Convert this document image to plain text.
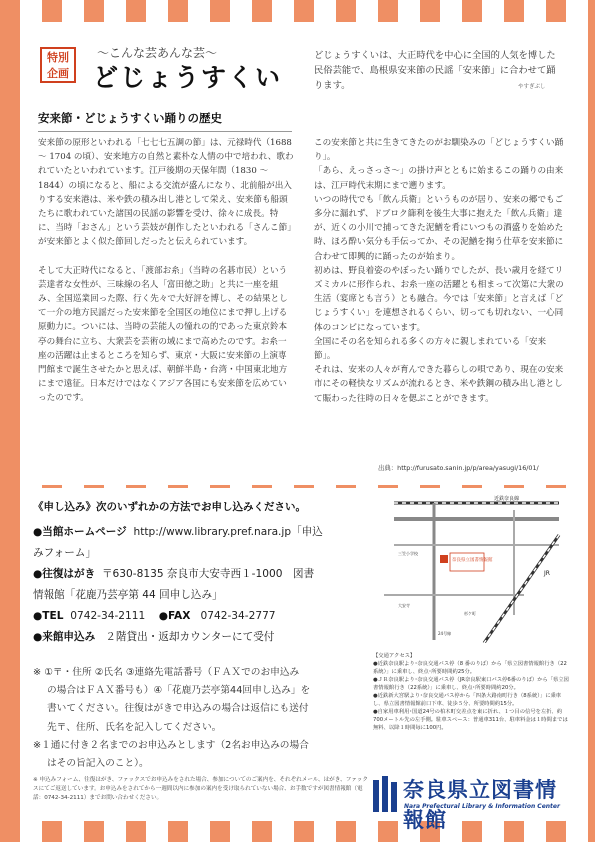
特別
企画
〜こんな芸あんな芸〜
どじょうすくい
どじょうすくいは、大正時代を中心に全国的人気を博した民俗芸能で、島根県安来節の民謡「安来節」に合わせて踊ります。	やすぎぶし
安来節・どじょうすくい踊りの歴史

安来節の原形といわれる「七七七五調の節」は、元禄時代（1688 〜 1704 の頃）、安来地方の自然と素朴な人情の中で培われ、歌われていたといわれています。江戸後期の天保年間（1830 〜 1844）の頃になると、船による交流が盛んになり、北前船が出入りする安来港は、米や鉄の積み出し港として栄え、安来節も船頭たちに歌われていた諸国の民謡の影響を受け、徐々に成長。特に、当時「おさん」という芸妓が創作したといわれる「さんこ節」が安来節とよく似た節回しだったと伝えられています。

そして大正時代になると、「渡部お糸」（当時の名碁市民）という芸達者な女性が、三味線の名人「富田徳之助」と共に一座を組み、全国巡業回った際、行く先々で大好評を博し、その結果として一介の地方民謡だった安来節を全国区の地位にまで押し上げる原動力に。ついには、当時の芸能人の憧れの的であった東京鈴本亭の舞台に立ち、大衆芸を芸術の域にまで高めたのです。お糸一座の活躍は止まるところを知らず、東京・大阪に安来節の上演専門館まで誕生させたかと思えば、朝鮮半島・台湾・中国東北地方にまで遠征。日本だけではなくアジア各国にも安来節を広めていったのです。

この安来節と共に生きてきたのがお馴染みの「どじょうすくい踊り」。

「あら、えっさっさ〜」の掛け声とともに始まるこの踊りの由来は、江戸時代末期にまで遡ります。

いつの時代でも「飲ん兵衛」というものが居り、安来の郷でもご多分に漏れず、ドブロク篩利を後生大事に抱えた「飲ん兵衛」達が、近くの小川で捕ってきた泥鰌を肴にいつもの酒盛りを始めた時、ほろ酔い気分も手伝ってか、その泥鰌を掬う仕草を安来節に合わせて即興的に踊ったのが始まり。

初めは、野良着姿のやぼったい踊りでしたが、長い歳月を経てリズミカルに形作られ、お糸一座の活躍とも相まって次第に大衆の生活（宴席とも言う）とも融合。今では「安来節」と言えば「どじょうすくい」を連想されるくらい、切っても切れない、一心同体のコンビになっています。

全国にその名を知られる多くの方々に親しまれている「安来節」。

それは、安来の人々が育んできた暮らしの唄であり、現在の安来市にその軽快なリズムが流れるとき、米や鉄鋼の積み出し港として賑わった往時の日々を偲ぶことができます。

出典：http://furusato.sanin.jp/p/area/yasugi/16/01/
《申し込み》次のいずれかの方法でお申し込みください。
●当館ホームページ http://www.library.pref.nara.jp「申込
みフォーム」
●往復はがき 〒630-8135 奈良市大安寺西１-1000　図書
情報館「花鹿乃芸亭第 44 回申し込み」
●TEL 0742-34-2111 ●FAX 0742-34-2777
●来館申込み ２階貸出・返却カウンターにて受付
※ ①〒・住所 ②氏名 ③連絡先電話番号（ＦＡＸでのお申込み
の場合はＦＡＸ番号も）④「花鹿乃芸亭第44回申し込み」を
書いてください。往復はがきで申込みの場合は返信にも送付
先〒、住所、氏名を記入してください。
※１通に付き２名までのお申込みとします（2名お申込みの場合
はその旨記入のこと）。
※ 申込みフォーム、往復はがき、ファックスでお申込みをされた場合、参加についてのご案内を、それぞれメール、はがき、ファックスにてご返送しています。お申込みをされてから一週間以内に参加の案内を受け取られていない場合、お手数ですが図書情報館（電話：0742-34-2111）までお問い合わせください。
近鉄奈良線
JR
奈良県立図書情報館
三笠小学校
大安寺
杉ケ町
24号線
【交通アクセス】
●近鉄奈良駅より･奈良交通バス停（8 番のりば）から「県立図書情報館行き（22系統）」に乗車し、終点･所要時間約25分。
●ＪＲ奈良駅より･奈良交通バス停（JR奈良駅東口バス停6番のりば）から「県立図書情報館行き（22系統）」に乗車し、終点･所要時間約20分。
●近鉄新大宮駅より･奈良交通バス停から「四条大路南町行き（8系統）」に乗車し、県立図書情報館前口下車、徒歩５分、所要時間約15分。
●自家用車利用･国道24号の柏木町交差点を東に折れ、１つ目の信号を左折、約700メートル先の左手側。駐車スペース：普通車311台、駐車料金は１時間までは無料、以降１時間毎に100円。
奈良県立図書情報館
Nara Prefectural Library & Information Center
